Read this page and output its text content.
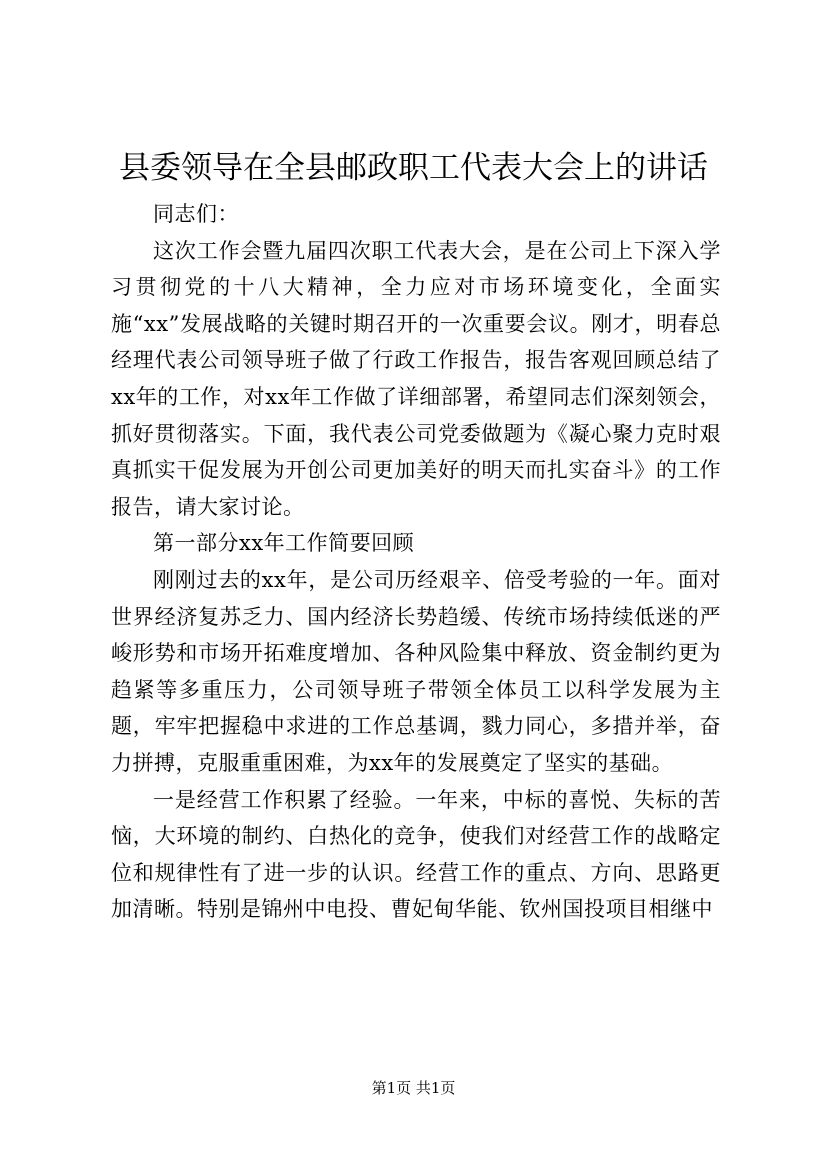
县委领导在全县邮政职工代表大会上的讲话

同志们：

这次工作会暨九届四次职工代表大会，是在公司上下深入学习贯彻党的十八大精神，全力应对市场环境变化，全面实施“xx”发展战略的关键时期召开的一次重要会议。刚才，明春总经理代表公司领导班子做了行政工作报告，报告客观回顾总结了xx年的工作，对xx年工作做了详细部署，希望同志们深刻领会，抓好贯彻落实。下面，我代表公司党委做题为《凝心聚力克时艰真抓实干促发展为开创公司更加美好的明天而扎实奋斗》的工作报告，请大家讨论。

第一部分xx年工作简要回顾

刚刚过去的xx年，是公司历经艰辛、倍受考验的一年。面对世界经济复苏乏力、国内经济长势趋缓、传统市场持续低迷的严峻形势和市场开拓难度增加、各种风险集中释放、资金制约更为趋紧等多重压力，公司领导班子带领全体员工以科学发展为主题，牢牢把握稳中求进的工作总基调，戮力同心，多措并举，奋力拼搏，克服重重困难，为xx年的发展奠定了坚实的基础。

一是经营工作积累了经验。一年来，中标的喜悦、失标的苦恼，大环境的制约、白热化的竞争，使我们对经营工作的战略定位和规律性有了进一步的认识。经营工作的重点、方向、思路更加清晰。特别是锦州中电投、曹妃甸华能、钦州国投项目相继中

第1页 共1页
